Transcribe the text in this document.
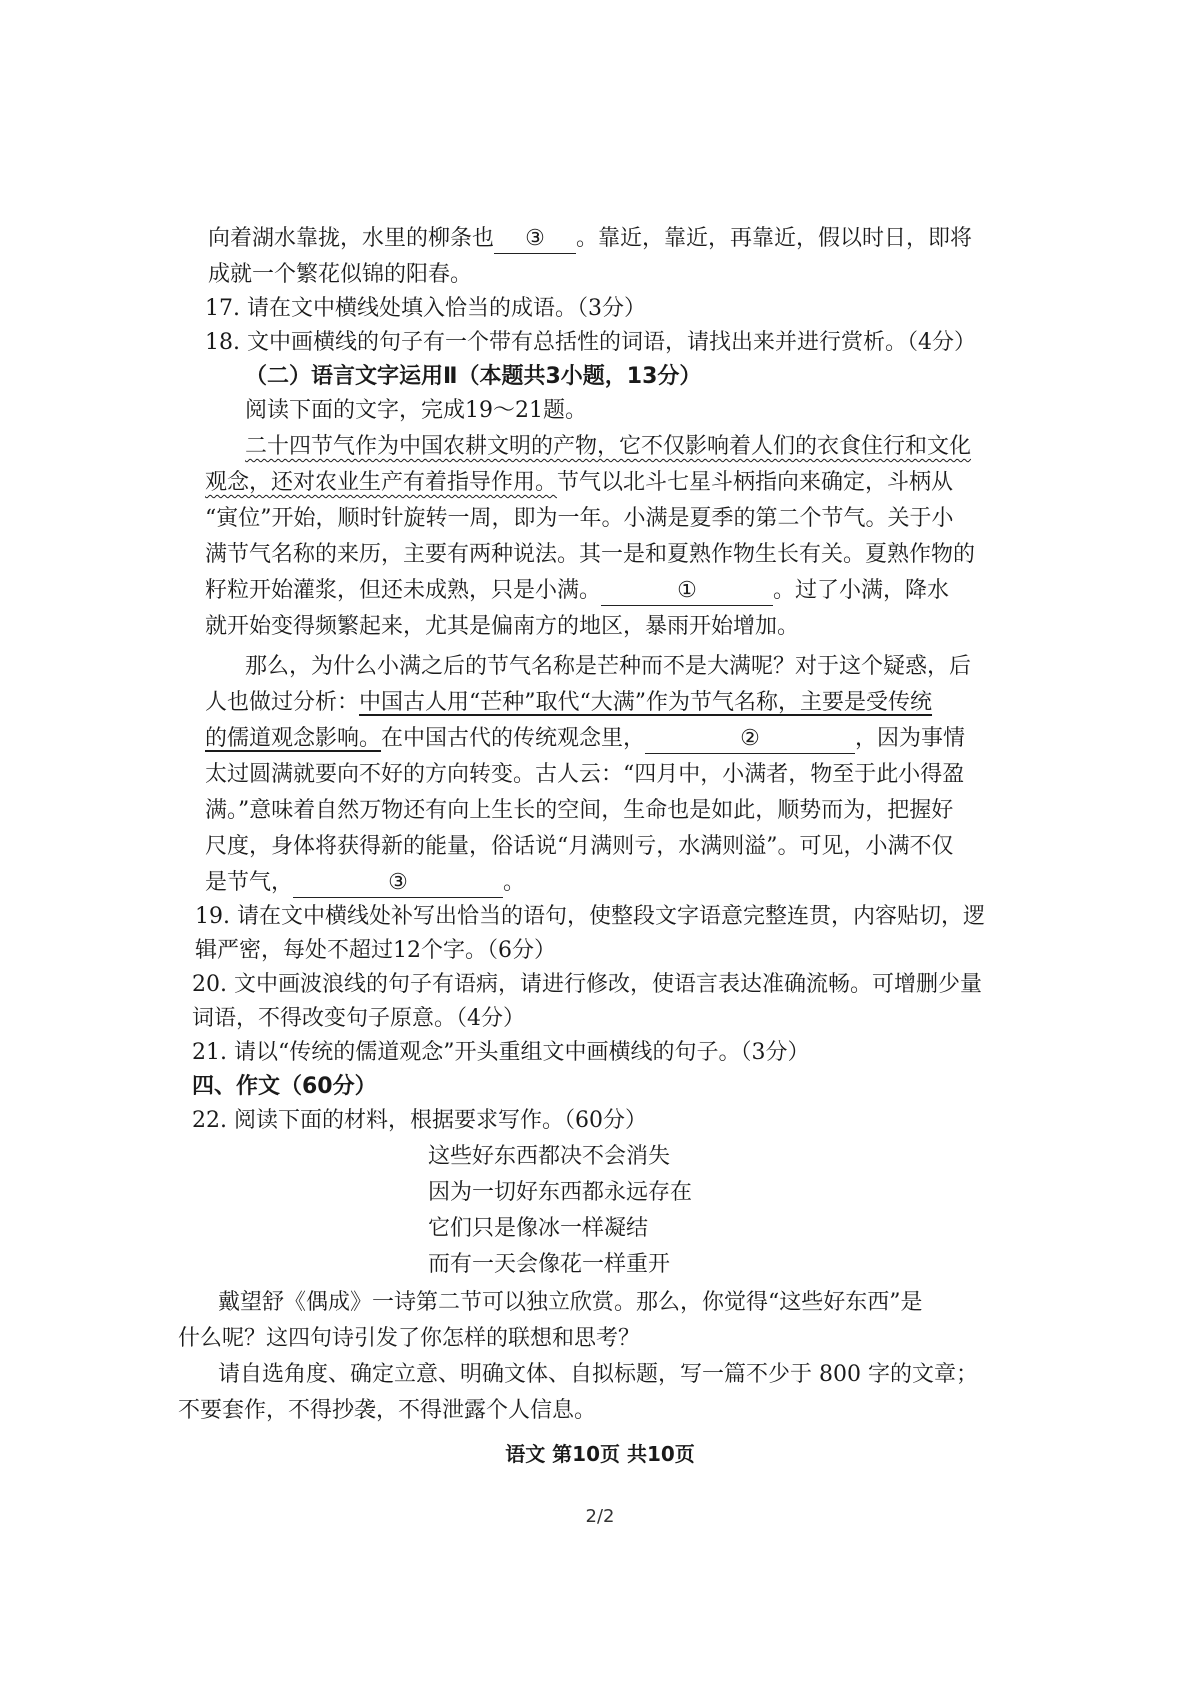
向着湖水靠拢，水里的柳条也 ③ 。靠近，靠近，再靠近，假以时日，即将
成就一个繁花似锦的阳春。
17. 请在文中横线处填入恰当的成语。（3分）
18. 文中画横线的句子有一个带有总括性的词语，请找出来并进行赏析。（4分）
（二）语言文字运用Ⅱ（本题共3小题，13分）
阅读下面的文字，完成19～21题。
二十四节气作为中国农耕文明的产物，它不仅影响着人们的衣食住行和文化
观念，还对农业生产有着指导作用。节气以北斗七星斗柄指向来确定，斗柄从
“寅位”开始，顺时针旋转一周，即为一年。小满是夏季的第二个节气。关于小
满节气名称的来历，主要有两种说法。其一是和夏熟作物生长有关。夏熟作物的
籽粒开始灌浆，但还未成熟，只是小满。	①	。过了小满，降水
就开始变得频繁起来，尤其是偏南方的地区，暴雨开始增加。
那么，为什么小满之后的节气名称是芒种而不是大满呢？对于这个疑惑，后
人也做过分析：中国古人用“芒种”取代“大满”作为节气名称，主要是受传统
的儒道观念影响。在中国古代的传统观念里，	②	，因为事情
太过圆满就要向不好的方向转变。古人云：“四月中，小满者，物至于此小得盈
满。”意味着自然万物还有向上生长的空间，生命也是如此，顺势而为，把握好
尺度，身体将获得新的能量，俗话说“月满则亏，水满则溢”。可见，小满不仅
是节气，	③	。
19. 请在文中横线处补写出恰当的语句，使整段文字语意完整连贯，内容贴切，逻
辑严密，每处不超过12个字。（6分）
20. 文中画波浪线的句子有语病，请进行修改，使语言表达准确流畅。可增删少量
词语，不得改变句子原意。（4分）
21. 请以“传统的儒道观念”开头重组文中画横线的句子。（3分）
四、作文（60分）
22. 阅读下面的材料，根据要求写作。（60分）
这些好东西都决不会消失
因为一切好东西都永远存在
它们只是像冰一样凝结
而有一天会像花一样重开
戴望舒《偶成》一诗第二节可以独立欣赏。那么，你觉得“这些好东西”是
什么呢？这四句诗引发了你怎样的联想和思考？
请自选角度、确定立意、明确文体、自拟标题，写一篇不少于 800 字的文章；
不要套作，不得抄袭，不得泄露个人信息。
语文 第10页 共10页
2/2
